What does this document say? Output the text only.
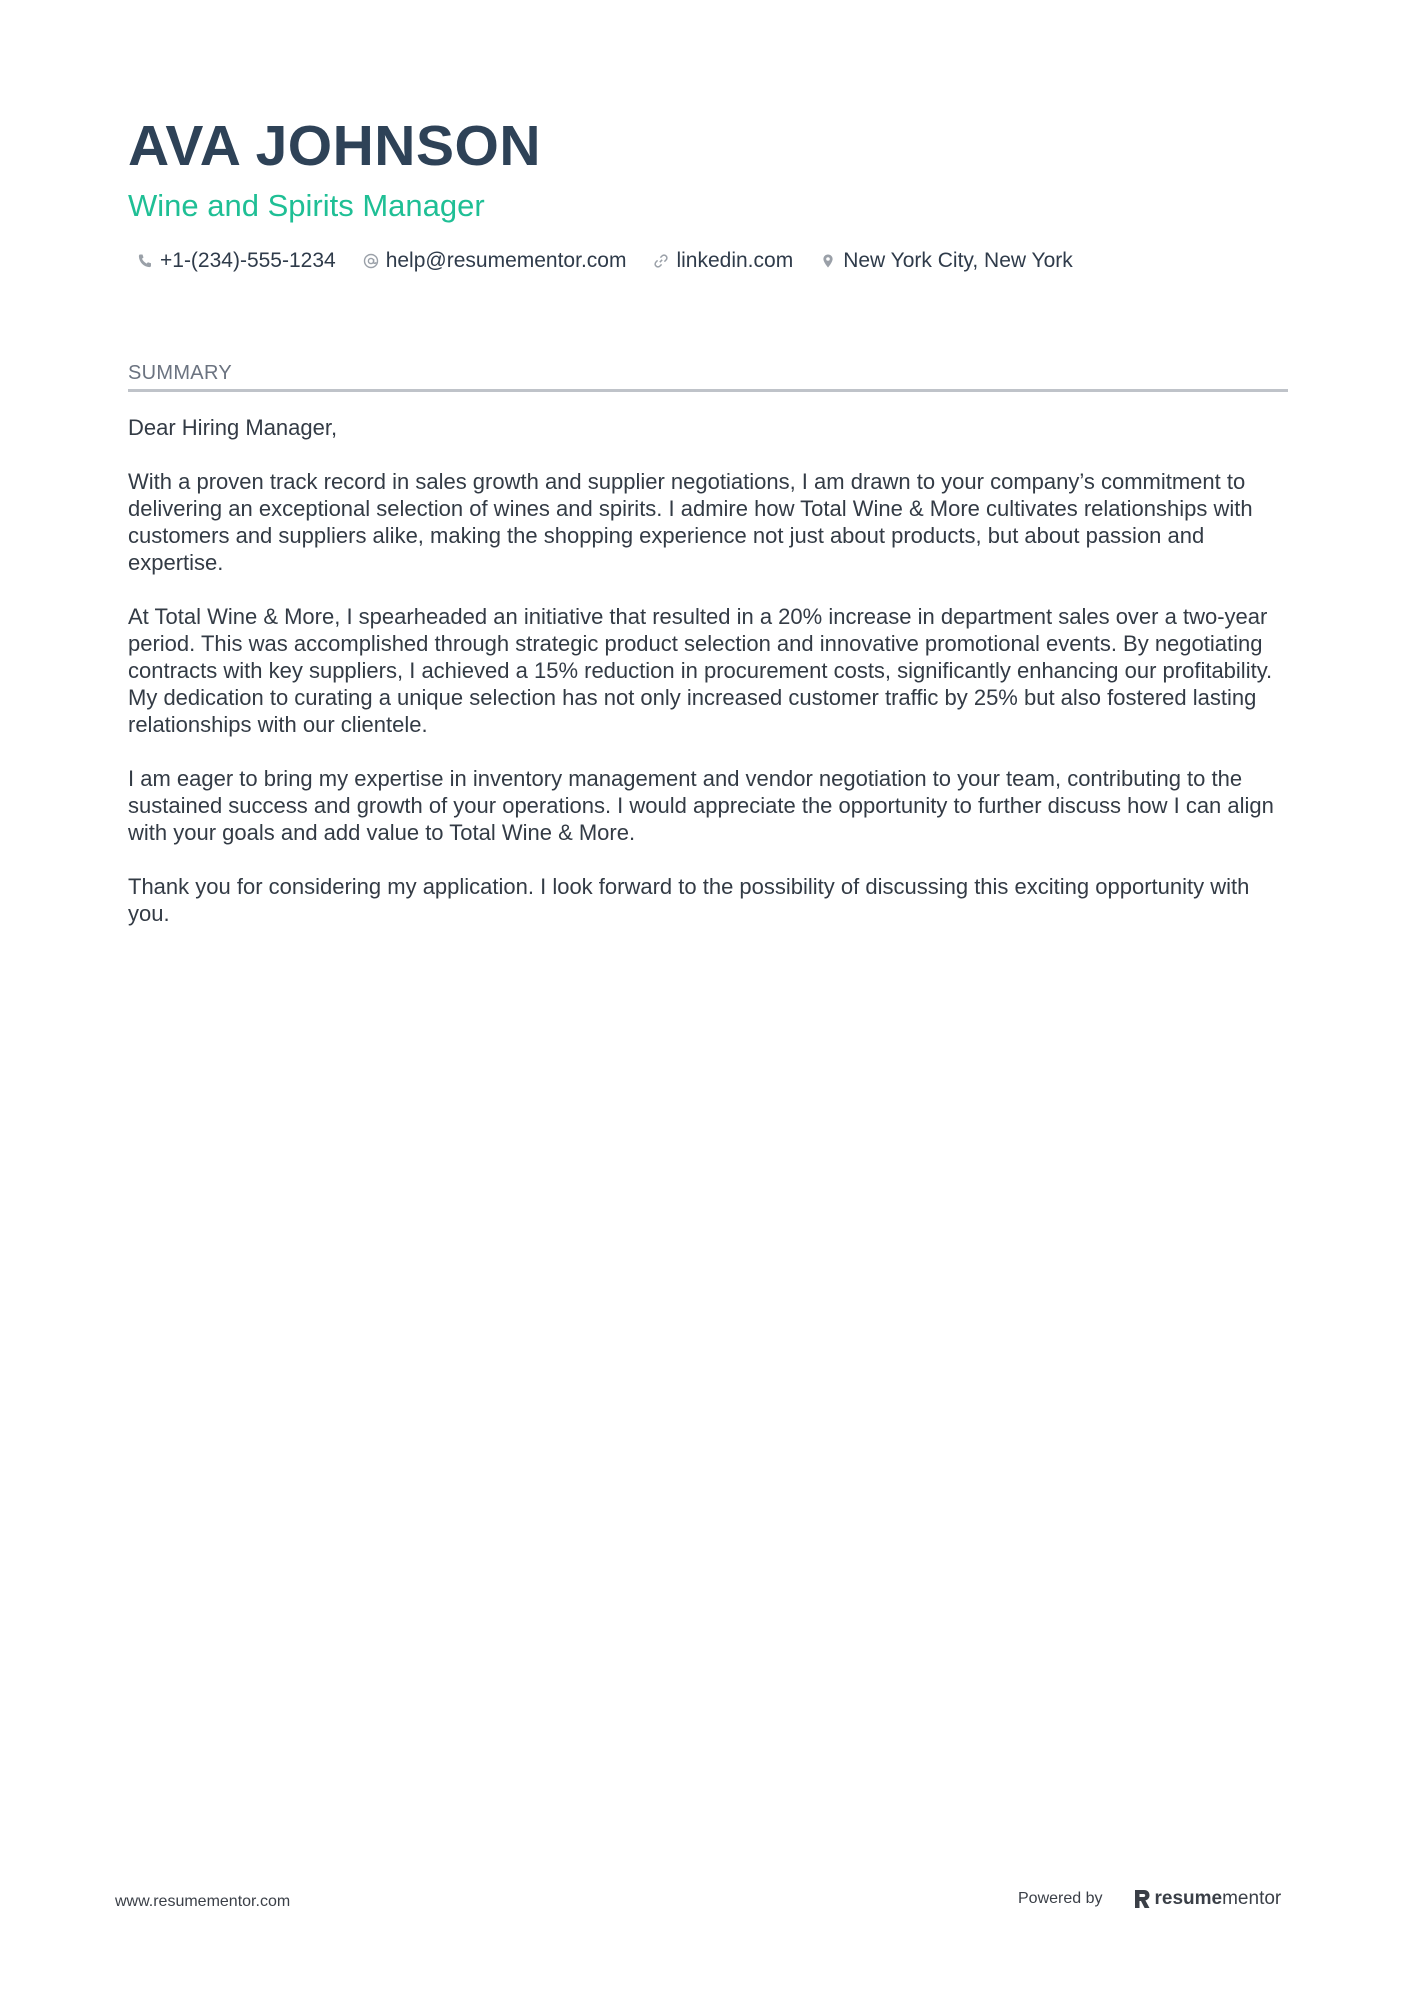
AVA JOHNSON
Wine and Spirits Manager
+1-(234)-555-1234 help@resumementor.com linkedin.com New York City, New York
SUMMARY

Dear Hiring Manager,

With a proven track record in sales growth and supplier negotiations, I am drawn to your company’s commitment to delivering an exceptional selection of wines and spirits. I admire how Total Wine & More cultivates relationships with customers and suppliers alike, making the shopping experience not just about products, but about passion and expertise.

At Total Wine & More, I spearheaded an initiative that resulted in a 20% increase in department sales over a two-year period. This was accomplished through strategic product selection and innovative promotional events. By negotiating contracts with key suppliers, I achieved a 15% reduction in procurement costs, significantly enhancing our profitability. My dedication to curating a unique selection has not only increased customer traffic by 25% but also fostered lasting relationships with our clientele.

I am eager to bring my expertise in inventory management and vendor negotiation to your team, contributing to the sustained success and growth of your operations. I would appreciate the opportunity to further discuss how I can align with your goals and add value to Total Wine & More.

Thank you for considering my application. I look forward to the possibility of discussing this exciting opportunity with you.

www.resumementor.com	Powered by	resume mentor
